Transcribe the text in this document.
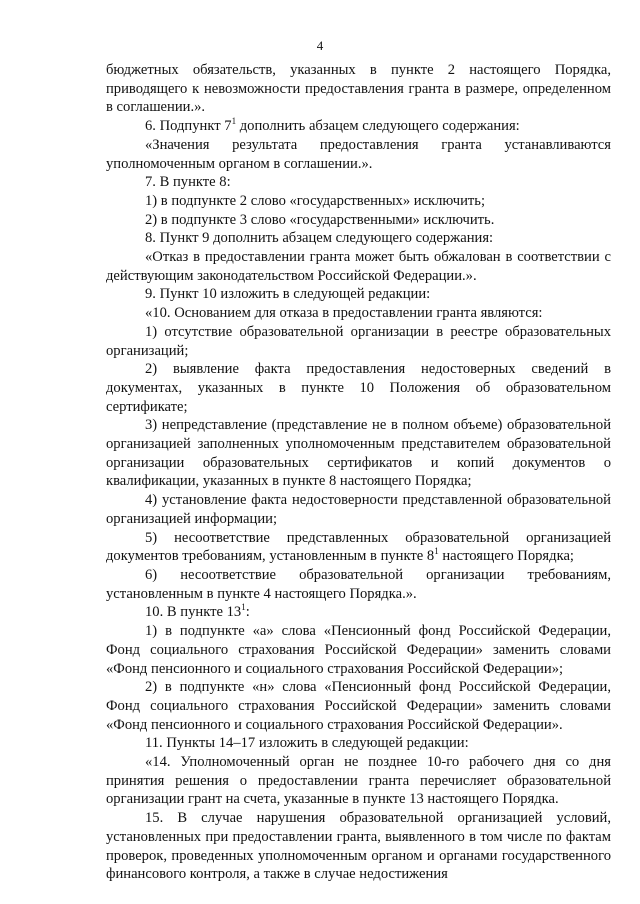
4

бюджетных обязательств, указанных в пункте 2 настоящего Порядка, приводящего к невозможности предоставления гранта в размере, определенном в соглашении.».

6. Подпункт $7^1$ дополнить абзацем следующего содержания:

«Значения результата предоставления гранта устанавливаются уполномоченным органом в соглашении.».

7. В пункте 8:

1) в подпункте 2 слово «государственных» исключить;

2) в подпункте 3 слово «государственными» исключить.

8. Пункт 9 дополнить абзацем следующего содержания:

«Отказ в предоставлении гранта может быть обжалован в соответствии с действующим законодательством Российской Федерации.».

9. Пункт 10 изложить в следующей редакции:

«10. Основанием для отказа в предоставлении гранта являются:

1) отсутствие образовательной организации в реестре образовательных организаций;

2) выявление факта предоставления недостоверных сведений в документах, указанных в пункте 10 Положения об образовательном сертификате;

3) непредставление (представление не в полном объеме) образовательной организацией заполненных уполномоченным представителем образовательной организации образовательных сертификатов и копий документов о квалификации, указанных в пункте 8 настоящего Порядка;

4) установление факта недостоверности представленной образовательной организацией информации;

5) несоответствие представленных образовательной организацией документов требованиям, установленным в пункте $8^1$ настоящего Порядка;

6) несоответствие образовательной организации требованиям, установленным в пункте 4 настоящего Порядка.».

10. В пункте $13^1$:

1) в подпункте «а» слова «Пенсионный фонд Российской Федерации, Фонд социального страхования Российской Федерации» заменить словами «Фонд пенсионного и социального страхования Российской Федерации»;

2) в подпункте «н» слова «Пенсионный фонд Российской Федерации, Фонд социального страхования Российской Федерации» заменить словами «Фонд пенсионного и социального страхования Российской Федерации».

11. Пункты 14–17 изложить в следующей редакции:

«14. Уполномоченный орган не позднее 10-го рабочего дня со дня принятия решения о предоставлении гранта перечисляет образовательной организации грант на счета, указанные в пункте 13 настоящего Порядка.

15. В случае нарушения образовательной организацией условий, установленных при предоставлении гранта, выявленного в том числе по фактам проверок, проведенных уполномоченным органом и органами государственного финансового контроля, а также в случае недостижения
